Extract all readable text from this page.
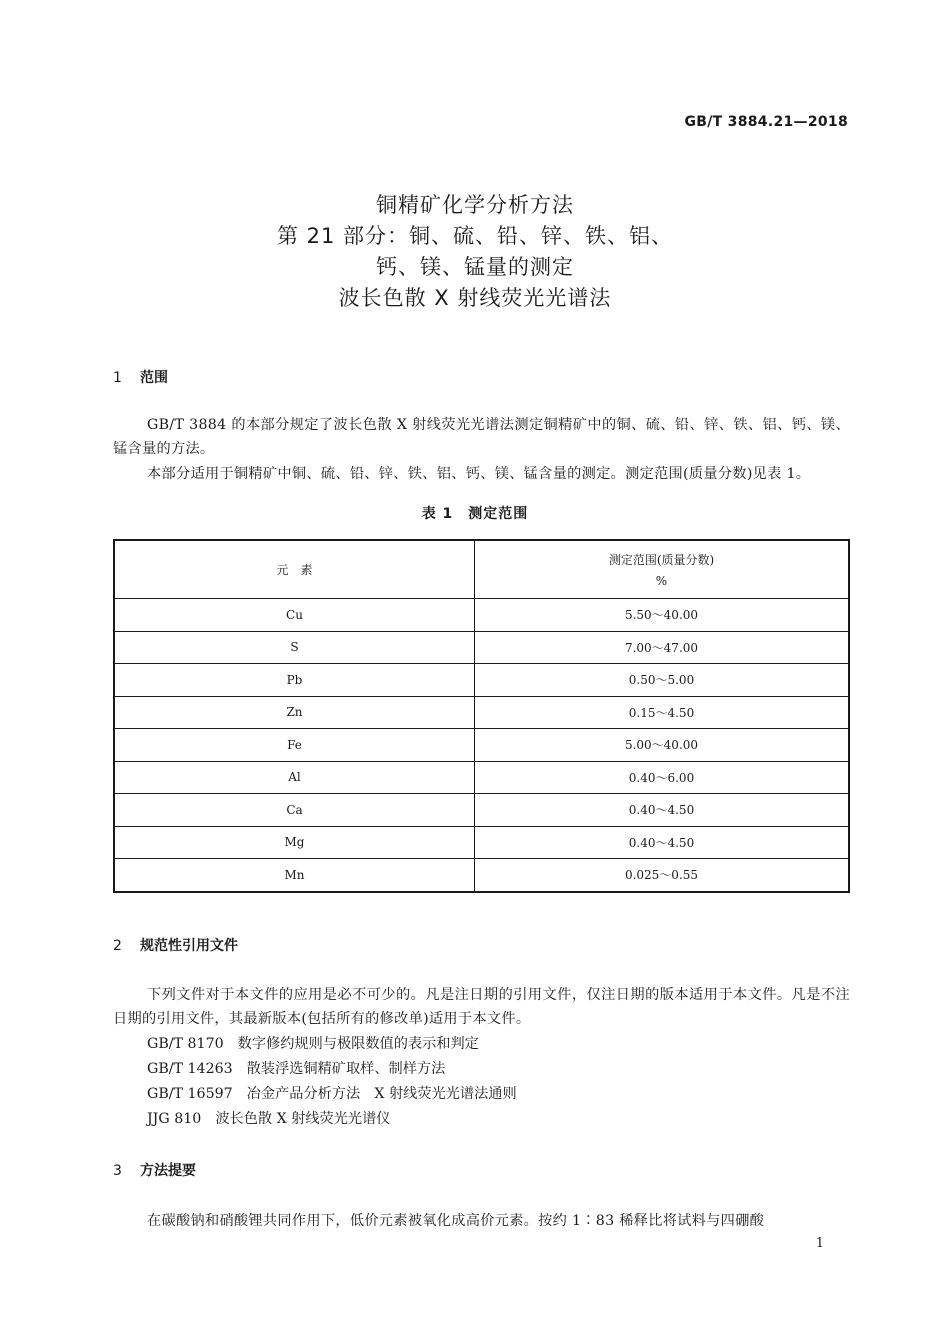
GB/T 3884.21—2018
铜精矿化学分析方法
第 21 部分：铜、硫、铅、锌、铁、铝、
钙、镁、锰量的测定
波长色散 X 射线荧光光谱法
1 范围
GB/T 3884 的本部分规定了波长色散 X 射线荧光光谱法测定铜精矿中的铜、硫、铅、锌、铁、铝、钙、镁、锰含量的方法。
本部分适用于铜精矿中铜、硫、铅、锌、铁、铝、钙、镁、锰含量的测定。测定范围(质量分数)见表 1。
表 1　测定范围
元　素	测定范围(质量分数)
%

Cu	5.50～40.00
S	7.00～47.00
Pb	0.50～5.00
Zn	0.15～4.50
Fe	5.00～40.00
Al	0.40～6.00
Ca	0.40～4.50
Mg	0.40～4.50
Mn	0.025～0.55
2 规范性引用文件
下列文件对于本文件的应用是必不可少的。凡是注日期的引用文件，仅注日期的版本适用于本文件。凡是不注日期的引用文件，其最新版本(包括所有的修改单)适用于本文件。
GB/T 8170 数字修约规则与极限数值的表示和判定
GB/T 14263 散装浮选铜精矿取样、制样方法
GB/T 16597 冶金产品分析方法　X 射线荧光光谱法通则
JJG 810 波长色散 X 射线荧光光谱仪
3 方法提要
在碳酸钠和硝酸锂共同作用下，低价元素被氧化成高价元素。按约 1∶83 稀释比将试料与四硼酸
1
